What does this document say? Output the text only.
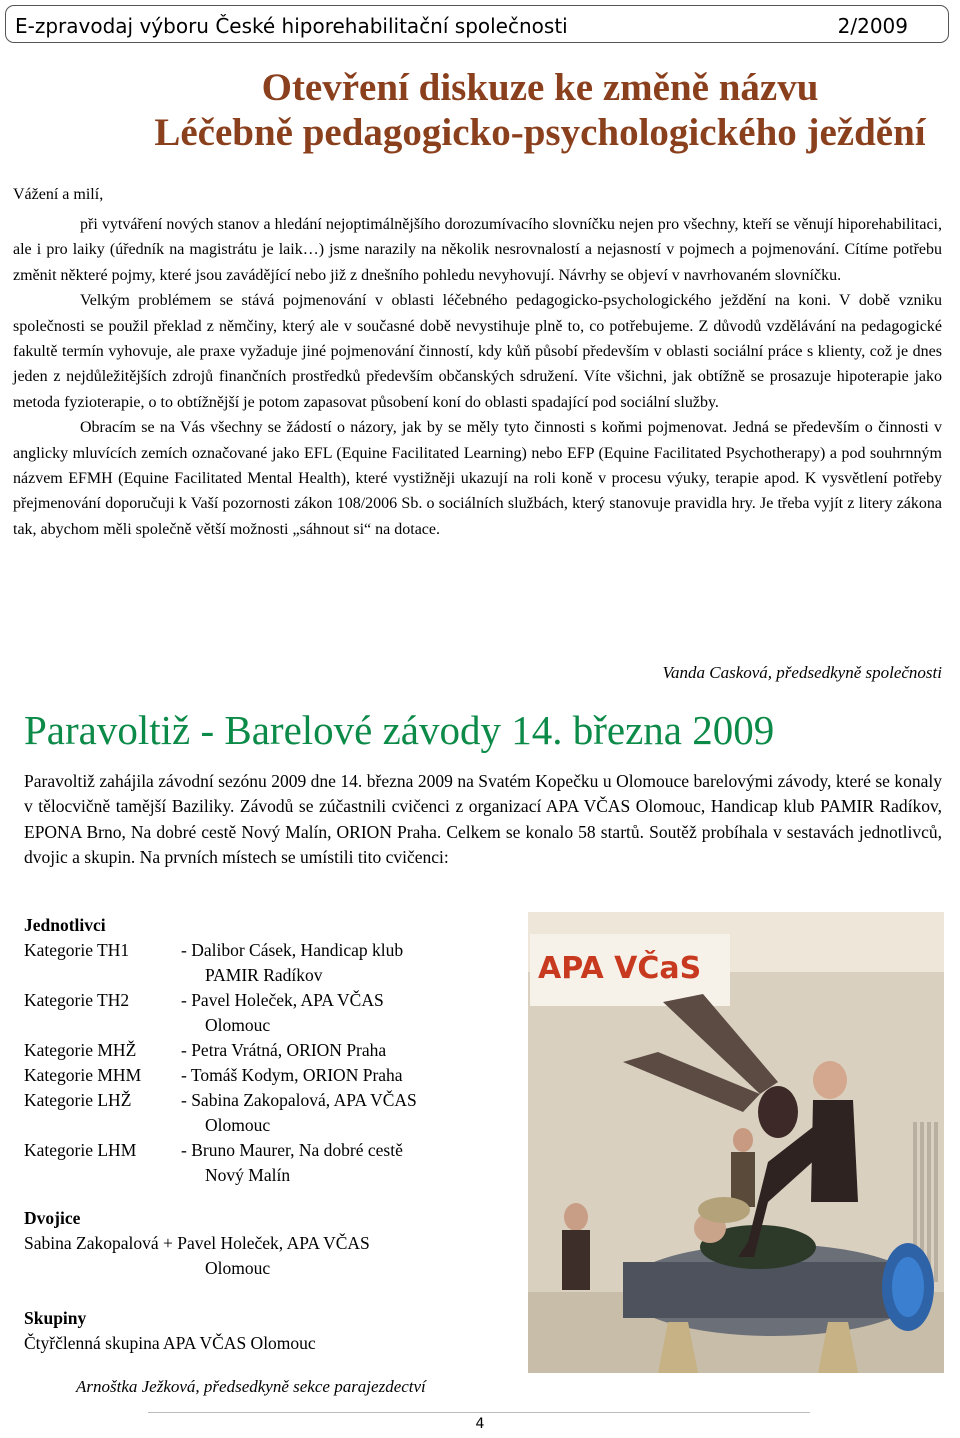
E-zpravodaj výboru České hiporehabilitační společnosti	2/2009
Otevření diskuze ke změně názvu
Léčebně pedagogicko-psychologického ježdění
Vážení a milí,

při vytváření nových stanov a hledání nejoptimálnějšího dorozumívacího slovníčku nejen pro všechny, kteří se věnují hiporehabilitaci, ale i pro laiky (úředník na magistrátu je laik…) jsme narazily na několik nesrovnalostí a nejasností v pojmech a pojmenování. Cítíme potřebu změnit některé pojmy, které jsou zavádějící nebo již z dnešního pohledu nevyhovují. Návrhy se objeví v navrhovaném slovníčku.

Velkým problémem se stává pojmenování v oblasti léčebného pedagogicko-psychologického ježdění na koni. V době vzniku společnosti se použil překlad z němčiny, který ale v současné době nevystihuje plně to, co potřebujeme. Z důvodů vzdělávání na pedagogické fakultě termín vyhovuje, ale praxe vyžaduje jiné pojmenování činností, kdy kůň působí především v oblasti sociální práce s klienty, což je dnes jeden z nejdůležitějších zdrojů finančních prostředků především občanských sdružení. Víte všichni, jak obtížně se prosazuje hipoterapie jako metoda fyzioterapie, o to obtížnější je potom zapasovat působení koní do oblasti spadající pod sociální služby.

Obracím se na Vás všechny se žádostí o názory, jak by se měly tyto činnosti s koňmi pojmenovat. Jedná se především o činnosti v anglicky mluvících zemích označované jako EFL (Equine Facilitated Learning) nebo EFP (Equine Facilitated Psychotherapy) a pod souhrnným názvem EFMH (Equine Facilitated Mental Health), které vystižněji ukazují na roli koně v procesu výuky, terapie apod. K vysvětlení potřeby přejmenování doporučuji k Vaší pozornosti zákon 108/2006 Sb. o sociálních službách, který stanovuje pravidla hry. Je třeba vyjít z litery zákona tak, abychom měli společně větší možnosti „sáhnout si“ na dotace.

Vanda Casková, předsedkyně společnosti
Paravoltiž - Barelové závody 14. března 2009
Paravoltiž zahájila závodní sezónu 2009 dne 14. března 2009 na Svatém Kopečku u Olomouce barelovými závody, které se konaly v tělocvičně tamější Baziliky. Závodů se zúčastnili cvičenci z organizací APA VČAS Olomouc, Handicap klub PAMIR Radíkov, EPONA Brno, Na dobré cestě Nový Malín, ORION Praha. Celkem se konalo 58 startů. Soutěž probíhala v sestavách jednotlivců, dvojic a skupin. Na prvních místech se umístili tito cvičenci:
Jednotlivci
Kategorie TH1	- Dalibor Cásek, Handicap klub
PAMIR Radíkov
Kategorie TH2	- Pavel Holeček, APA VČAS
Olomouc
Kategorie MHŽ	- Petra Vrátná, ORION Praha
Kategorie MHM - Tomáš Kodym, ORION Praha
Kategorie LHŽ	- Sabina Zakopalová, APA VČAS
Olomouc
Kategorie LHM	- Bruno Maurer, Na dobré cestě
Nový Malín
Dvojice
Sabina Zakopalová + Pavel Holeček, APA VČAS
Olomouc
Skupiny
Čtyřčlenná skupina APA VČAS Olomouc
APA VČaS
Arnoštka Ježková, předsedkyně sekce parajezdectví
4
